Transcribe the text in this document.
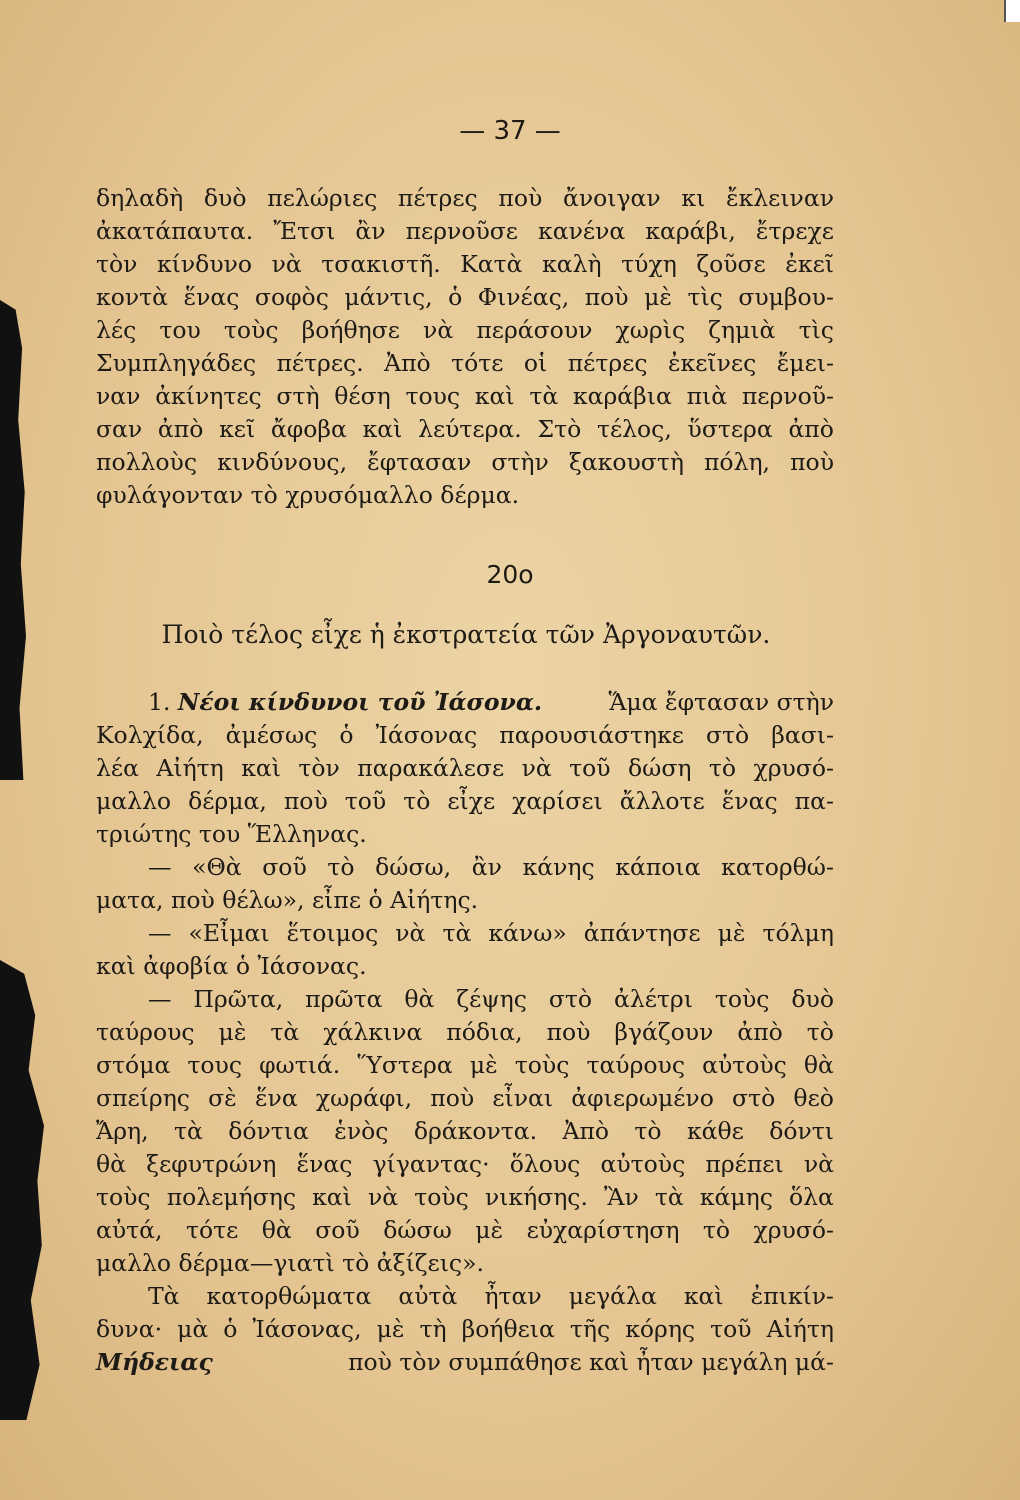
— 37 —
δηλαδὴ δυὸ πελώριες πέτρες ποὺ ἄνοιγαν κι ἔκλειναν
ἀκατάπαυτα. Ἔτσι ἂν περνοῦσε κανένα καράβι, ἔτρεχε
τὸν κίνδυνο νὰ τσακιστῆ. Κατὰ καλὴ τύχη ζοῦσε ἐκεῖ
κοντὰ ἕνας σοφὸς μάντις, ὁ Φινέας, ποὺ μὲ τὶς συμβου-
λές του τοὺς βοήθησε νὰ περάσουν χωρὶς ζημιὰ τὶς
Συμπληγάδες πέτρες. Ἀπὸ τότε οἱ πέτρες ἐκεῖνες ἔμει-
ναν ἀκίνητες στὴ θέση τους καὶ τὰ καράβια πιὰ περνοῦ-
σαν ἀπὸ κεῖ ἄφοβα καὶ λεύτερα. Στὸ τέλος, ὕστερα ἀπὸ
πολλοὺς κινδύνους, ἔφτασαν στὴν ξακουστὴ πόλη, ποὺ
φυλάγονταν τὸ χρυσόμαλλο δέρμα.
20ο
Ποιὸ τέλος εἶχε ἡ ἐκστρατεία τῶν Ἀργοναυτῶν.
1. Νέοι κίνδυνοι τοῦ Ἰάσονα.	Ἅμα ἔφτασαν στὴν
Κολχίδα, ἀμέσως ὁ Ἰάσονας παρουσιάστηκε στὸ βασι-
λέα Αἰήτη καὶ τὸν παρακάλεσε νὰ τοῦ δώση τὸ χρυσό-
μαλλο δέρμα, ποὺ τοῦ τὸ εἶχε χαρίσει ἄλλοτε ἕνας πα-
τριώτης του Ἕλληνας.
— «Θὰ σοῦ τὸ δώσω, ἂν κάνης κάποια κατορθώ-
ματα, ποὺ θέλω», εἶπε ὁ Αἰήτης.
— «Εἶμαι ἕτοιμος νὰ τὰ κάνω» ἀπάντησε μὲ τόλμη
καὶ ἀφοβία ὁ Ἰάσονας.
— Πρῶτα, πρῶτα θὰ ζέψης στὸ ἀλέτρι τοὺς δυὸ
ταύρους μὲ τὰ χάλκινα πόδια, ποὺ βγάζουν ἀπὸ τὸ
στόμα τους φωτιά. Ὕστερα μὲ τοὺς ταύρους αὐτοὺς θὰ
σπείρης σὲ ἕνα χωράφι, ποὺ εἶναι ἀφιερωμένο στὸ θεὸ
Ἄρη, τὰ δόντια ἑνὸς δράκοντα. Ἀπὸ τὸ κάθε δόντι
θὰ ξεφυτρώνη ἕνας γίγαντας· ὅλους αὐτοὺς πρέπει νὰ
τοὺς πολεμήσης καὶ νὰ τοὺς νικήσης. Ἂν τὰ κάμης ὅλα
αὐτά, τότε θὰ σοῦ δώσω μὲ εὐχαρίστηση τὸ χρυσό-
μαλλο δέρμα—γιατὶ τὸ ἀξίζεις».
Τὰ κατορθώματα αὐτὰ ἦταν μεγάλα καὶ ἐπικίν-
δυνα· μὰ ὁ Ἰάσονας, μὲ τὴ βοήθεια τῆς κόρης τοῦ Αἰήτη
Μήδειας	ποὺ τὸν συμπάθησε καὶ ἦταν μεγάλη μά-
